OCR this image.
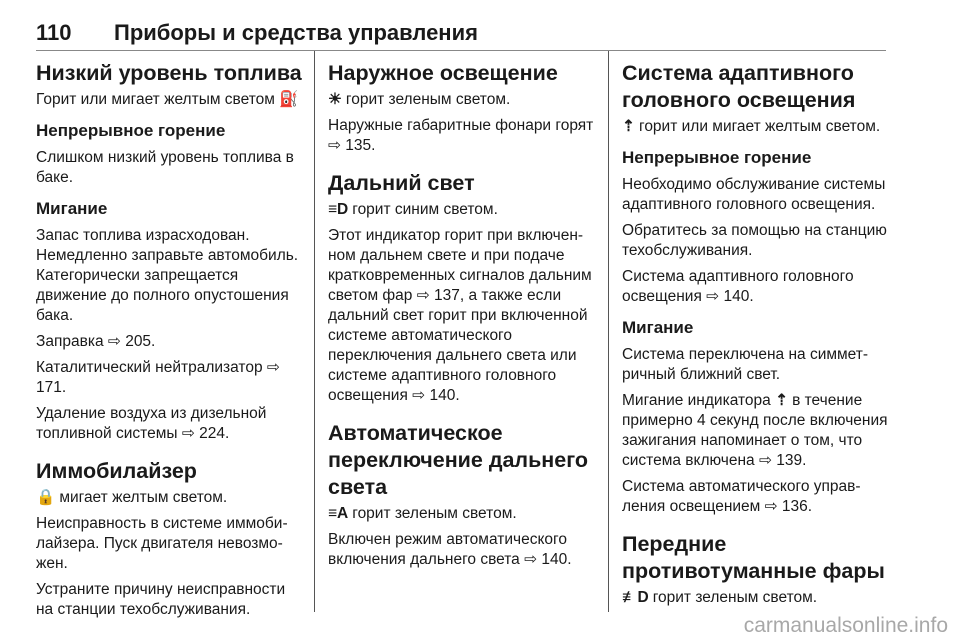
110 Приборы и средства управления
Низкий уровень топлива

Горит или мигает желтым светом ⛽

Непрерывное горение

Слишком низкий уровень топлива в баке.

Мигание

Запас топлива израсходован. Немедленно заправьте автомобиль. Категорически запрещается движение до полного опустошения бака.

Заправка ⇨ 205.

Каталитический нейтрализатор ⇨ 171.

Удаление воздуха из дизельной топливной системы ⇨ 224.

Иммобилайзер

🔒 мигает желтым светом.

Неисправность в системе иммобилайзера. Пуск двигателя невозможен.

Устраните причину неисправности на станции техобслуживания.

Наружное освещение

☀ горит зеленым светом.

Наружные габаритные фонари горят ⇨ 135.

Дальний свет

≡D горит синим светом.

Этот индикатор горит при включенном дальнем свете и при подаче кратковременных сигналов дальним светом фар ⇨ 137, а также если дальний свет горит при включенной системе автоматического переключения дальнего света или системе адаптивного головного освещения ⇨ 140.

Автоматическое переключение дальнего света

≡A горит зеленым светом.

Включен режим автоматического включения дальнего света ⇨ 140.

Система адаптивного головного освещения

⇡ горит или мигает желтым светом.

Непрерывное горение

Необходимо обслуживание системы адаптивного головного освещения.

Обратитесь за помощью на станцию техобслуживания.

Система адаптивного головного освещения ⇨ 140.

Мигание

Система переключена на симметричный ближний свет.

Мигание индикатора ⇡ в течение примерно 4 секунд после включения зажигания напоминает о том, что система включена ⇨ 139.

Система автоматического управления освещением ⇨ 136.

Передние противотуманные фары

≢D горит зеленым светом.

carmanualsonline.info
